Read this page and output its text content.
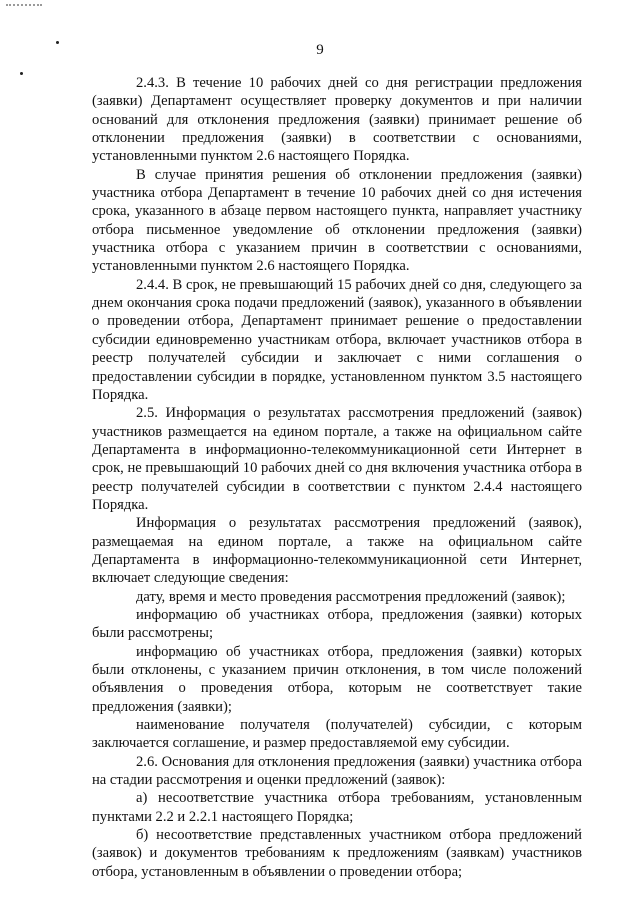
9

2.4.3. В течение 10 рабочих дней со дня регистрации предложения (заявки) Департамент осуществляет проверку документов и при наличии оснований для отклонения предложения (заявки) принимает решение об отклонении предложения (заявки) в соответствии с основаниями, установленными пунктом 2.6 настоящего Порядка.

В случае принятия решения об отклонении предложения (заявки) участника отбора Департамент в течение 10 рабочих дней со дня истечения срока, указанного в абзаце первом настоящего пункта, направляет участнику отбора письменное уведомление об отклонении предложения (заявки) участника отбора с указанием причин в соответствии с основаниями, установленными пунктом 2.6 настоящего Порядка.

2.4.4. В срок, не превышающий 15 рабочих дней со дня, следующего за днем окончания срока подачи предложений (заявок), указанного в объявлении о проведении отбора, Департамент принимает решение о предоставлении субсидии единовременно участникам отбора, включает участников отбора в реестр получателей субсидии и заключает с ними соглашения о предоставлении субсидии в порядке, установленном пунктом 3.5 настоящего Порядка.

2.5. Информация о результатах рассмотрения предложений (заявок) участников размещается на едином портале, а также на официальном сайте Департамента в информационно-телекоммуникационной сети Интернет в срок, не превышающий 10 рабочих дней со дня включения участника отбора в реестр получателей субсидии в соответствии с пунктом 2.4.4 настоящего Порядка.

Информация о результатах рассмотрения предложений (заявок), размещаемая на едином портале, а также на официальном сайте Департамента в информационно-телекоммуникационной сети Интернет, включает следующие сведения:

дату, время и место проведения рассмотрения предложений (заявок);

информацию об участниках отбора, предложения (заявки) которых были рассмотрены;

информацию об участниках отбора, предложения (заявки) которых были отклонены, с указанием причин отклонения, в том числе положений объявления о проведения отбора, которым не соответствует такие предложения (заявки);

наименование получателя (получателей) субсидии, с которым заключается соглашение, и размер предоставляемой ему субсидии.

2.6. Основания для отклонения предложения (заявки) участника отбора на стадии рассмотрения и оценки предложений (заявок):

а) несоответствие участника отбора требованиям, установленным пунктами 2.2 и 2.2.1 настоящего Порядка;

б) несоответствие представленных участником отбора предложений (заявок) и документов требованиям к предложениям (заявкам) участников отбора, установленным в объявлении о проведении отбора;
